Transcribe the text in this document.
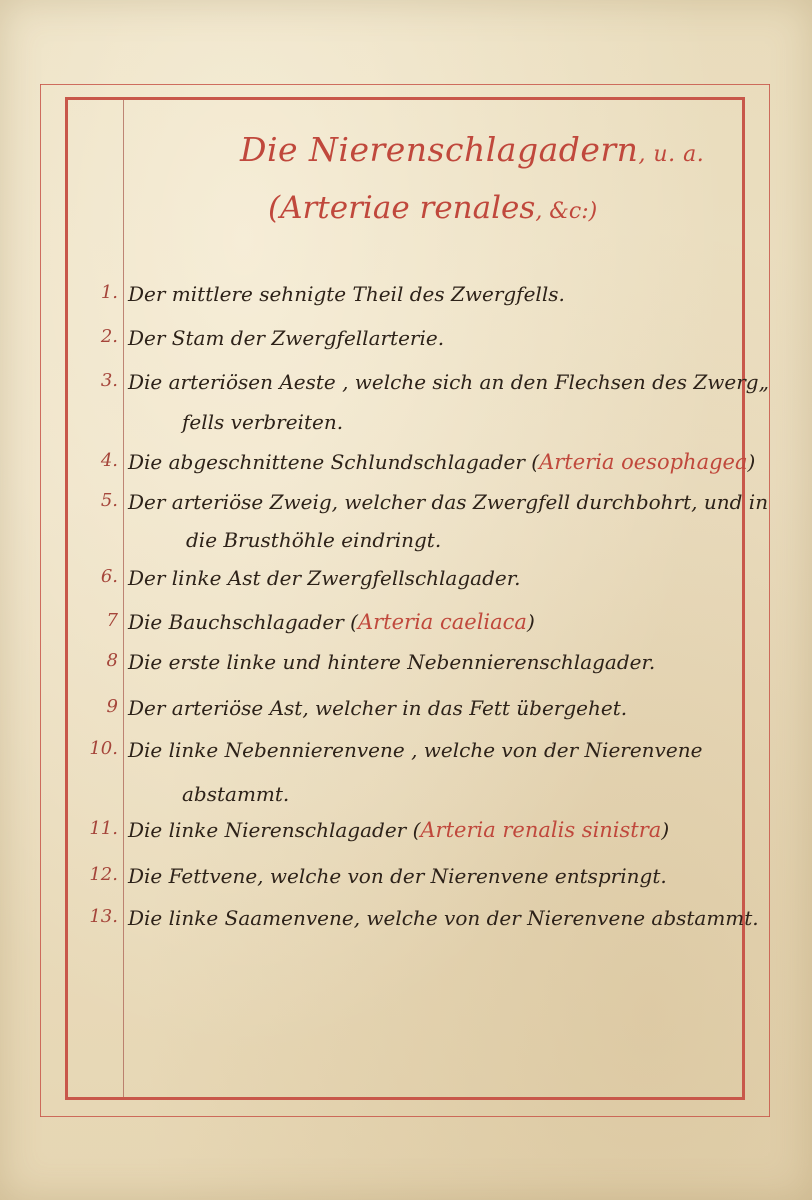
Die Nierenschlagadern, u. a.
(Arteriae renales, &c:)
1. Der mittlere sehnigte Theil des Zwergfells.
2. Der Stam der Zwergfellarterie.
3. Die arteriösen Aeste , welche sich an den Flechsen des Zwerg„
fells verbreiten.
4. Die abgeschnittene Schlundschlagader (Arteria oesophagea)
5. Der arteriöse Zweig, welcher das Zwergfell durchbohrt, und in
die Brusthöhle eindringt.
6. Der linke Ast der Zwergfellschlagader.
7 Die Bauchschlagader (Arteria caeliaca)
8 Die erste linke und hintere Nebennierenschlagader.
9 Der arteriöse Ast, welcher in das Fett übergehet.
10. Die linke Nebennierenvene , welche von der Nierenvene
abstammt.
11. Die linke Nierenschlagader (Arteria renalis sinistra)
12. Die Fettvene, welche von der Nierenvene entspringt.
13. Die linke Saamenvene, welche von der Nierenvene abstammt.
